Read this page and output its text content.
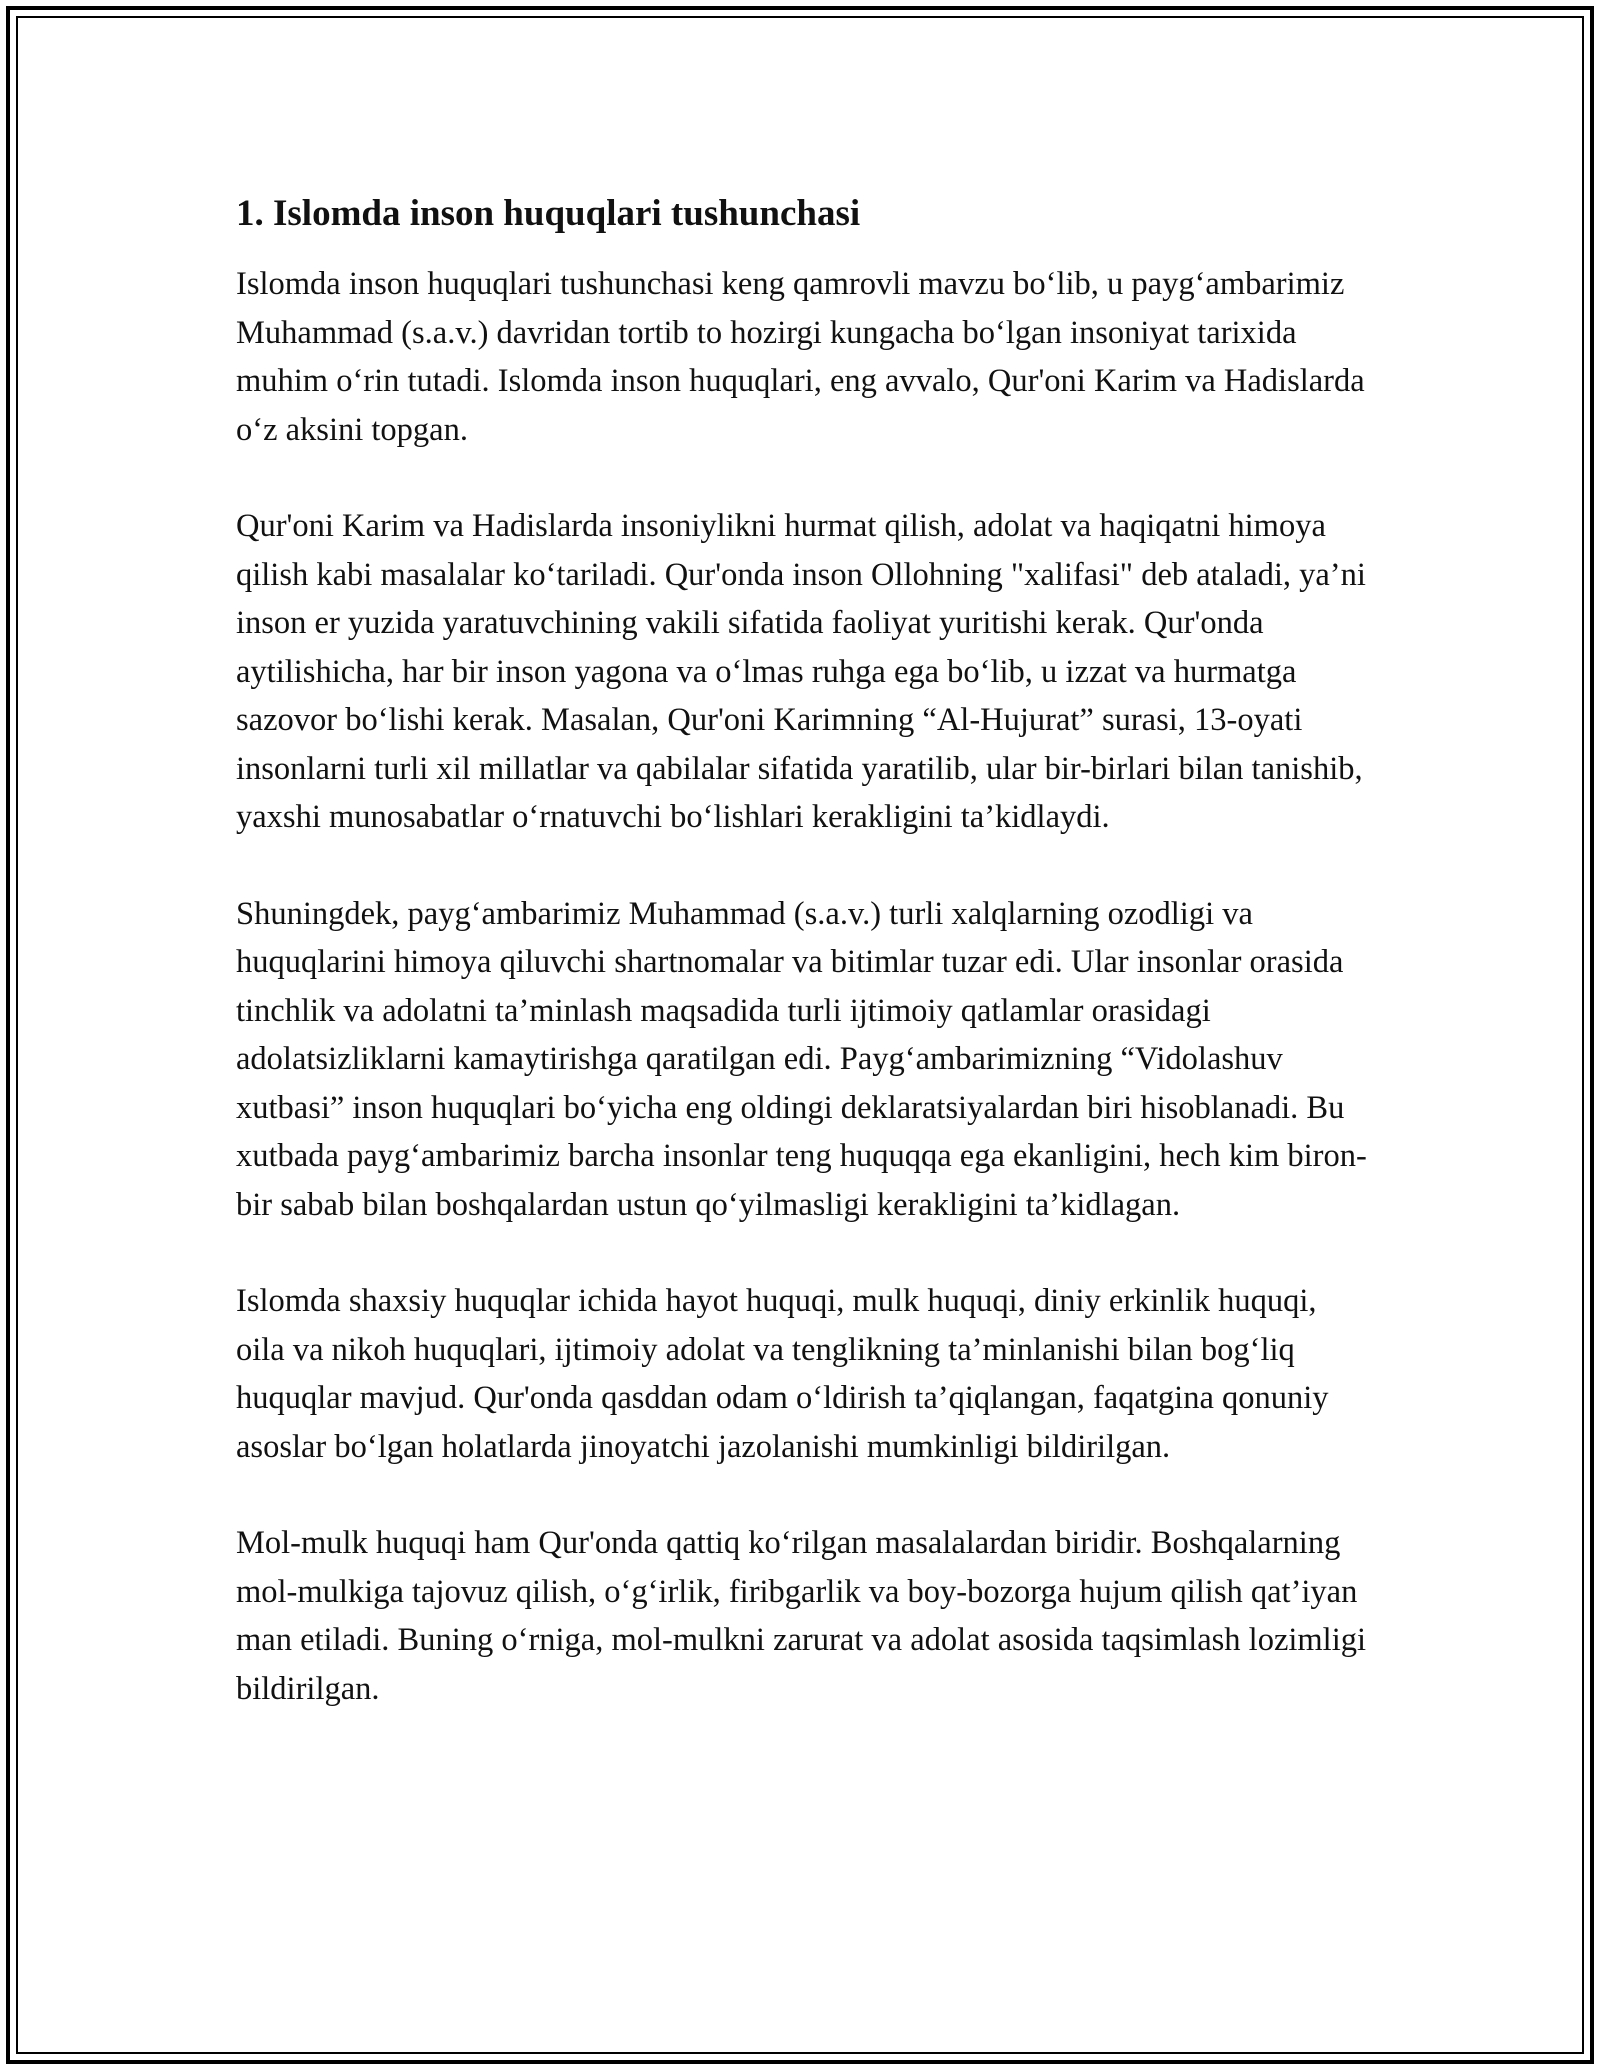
1. Islomda inson huquqlari tushunchasi

Islomda inson huquqlari tushunchasi keng qamrovli mavzu bo‘lib, u payg‘ambarimiz Muhammad (s.a.v.) davridan tortib to hozirgi kungacha bo‘lgan insoniyat tarixida muhim o‘rin tutadi. Islomda inson huquqlari, eng avvalo, Qur'oni Karim va Hadislarda o‘z aksini topgan.

Qur'oni Karim va Hadislarda insoniylikni hurmat qilish, adolat va haqiqatni himoya qilish kabi masalalar ko‘tariladi. Qur'onda inson Ollohning "xalifasi" deb ataladi, ya’ni inson er yuzida yaratuvchining vakili sifatida faoliyat yuritishi kerak. Qur'onda aytilishicha, har bir inson yagona va o‘lmas ruhga ega bo‘lib, u izzat va hurmatga sazovor bo‘lishi kerak. Masalan, Qur'oni Karimning “Al-Hujurat” surasi, 13-oyati insonlarni turli xil millatlar va qabilalar sifatida yaratilib, ular bir-birlari bilan tanishib, yaxshi munosabatlar o‘rnatuvchi bo‘lishlari kerakligini ta’kidlaydi.

Shuningdek, payg‘ambarimiz Muhammad (s.a.v.) turli xalqlarning ozodligi va huquqlarini himoya qiluvchi shartnomalar va bitimlar tuzar edi. Ular insonlar orasida tinchlik va adolatni ta’minlash maqsadida turli ijtimoiy qatlamlar orasidagi adolatsizliklarni kamaytirishga qaratilgan edi. Payg‘ambarimizning “Vidolashuv xutbasi” inson huquqlari bo‘yicha eng oldingi deklaratsiyalardan biri hisoblanadi. Bu xutbada payg‘ambarimiz barcha insonlar teng huquqqa ega ekanligini, hech kim biron-bir sabab bilan boshqalardan ustun qo‘yilmasligi kerakligini ta’kidlagan.

Islomda shaxsiy huquqlar ichida hayot huquqi, mulk huquqi, diniy erkinlik huquqi, oila va nikoh huquqlari, ijtimoiy adolat va tenglikning ta’minlanishi bilan bog‘liq huquqlar mavjud. Qur'onda qasddan odam o‘ldirish ta’qiqlangan, faqatgina qonuniy asoslar bo‘lgan holatlarda jinoyatchi jazolanishi mumkinligi bildirilgan.

Mol-mulk huquqi ham Qur'onda qattiq ko‘rilgan masalalardan biridir. Boshqalarning mol-mulkiga tajovuz qilish, o‘g‘irlik, firibgarlik va boy-bozorga hujum qilish qat’iyan man etiladi. Buning o‘rniga, mol-mulkni zarurat va adolat asosida taqsimlash lozimligi bildirilgan.
